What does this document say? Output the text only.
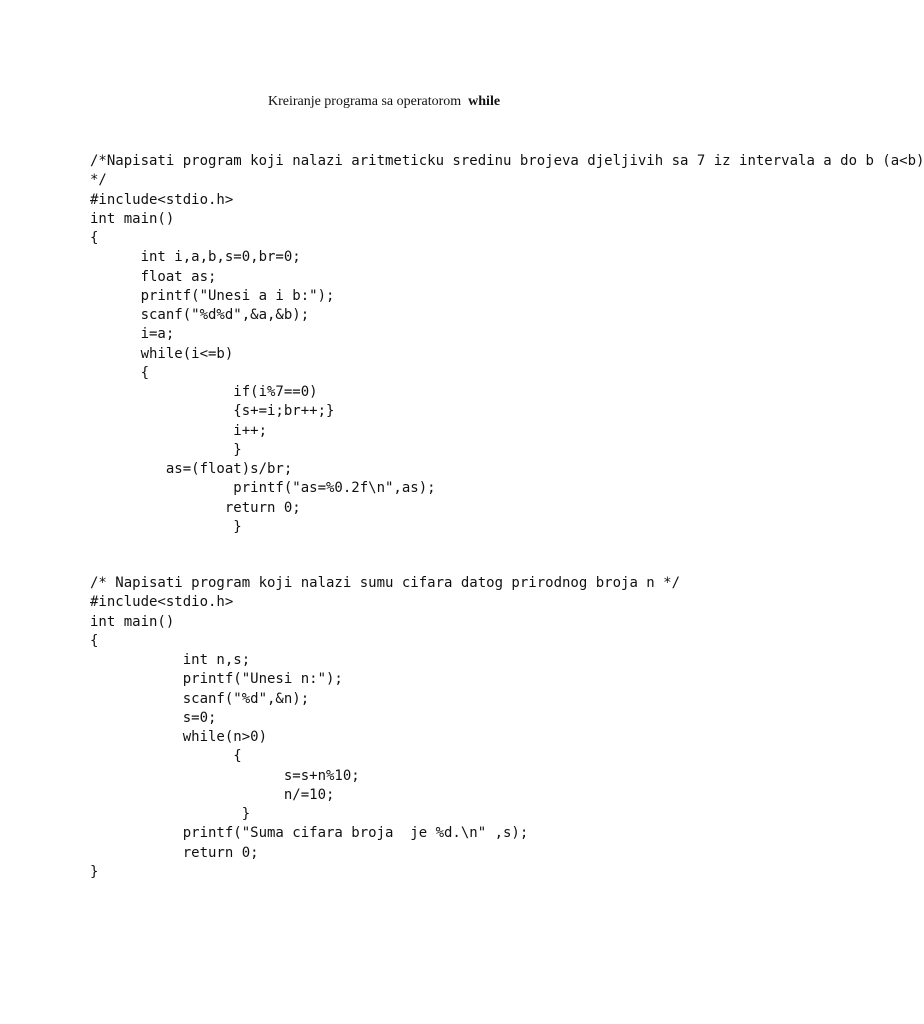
Kreiranje programa sa operatorom  while
/*Napisati program koji nalazi aritmeticku sredinu brojeva djeljivih sa 7 iz intervala a do b (a<b)
*/
#include<stdio.h>
int main()
{
int i,a,b,s=0,br=0;
float as;
printf("Unesi a i b:");
scanf("%d%d",&a,&b);
i=a;
while(i<=b)
{
if(i%7==0)
{s+=i;br++;}
i++;
}
as=(float)s/br;
printf("as=%0.2f\n",as);
return 0;
}
/* Napisati program koji nalazi sumu cifara datog prirodnog broja n */
#include<stdio.h>
int main()
{
int n,s;
printf("Unesi n:");
scanf("%d",&n);
s=0;
while(n>0)
{
s=s+n%10;
n/=10;
}
printf("Suma cifara broja  je %d.\n" ,s);
return 0;
}
